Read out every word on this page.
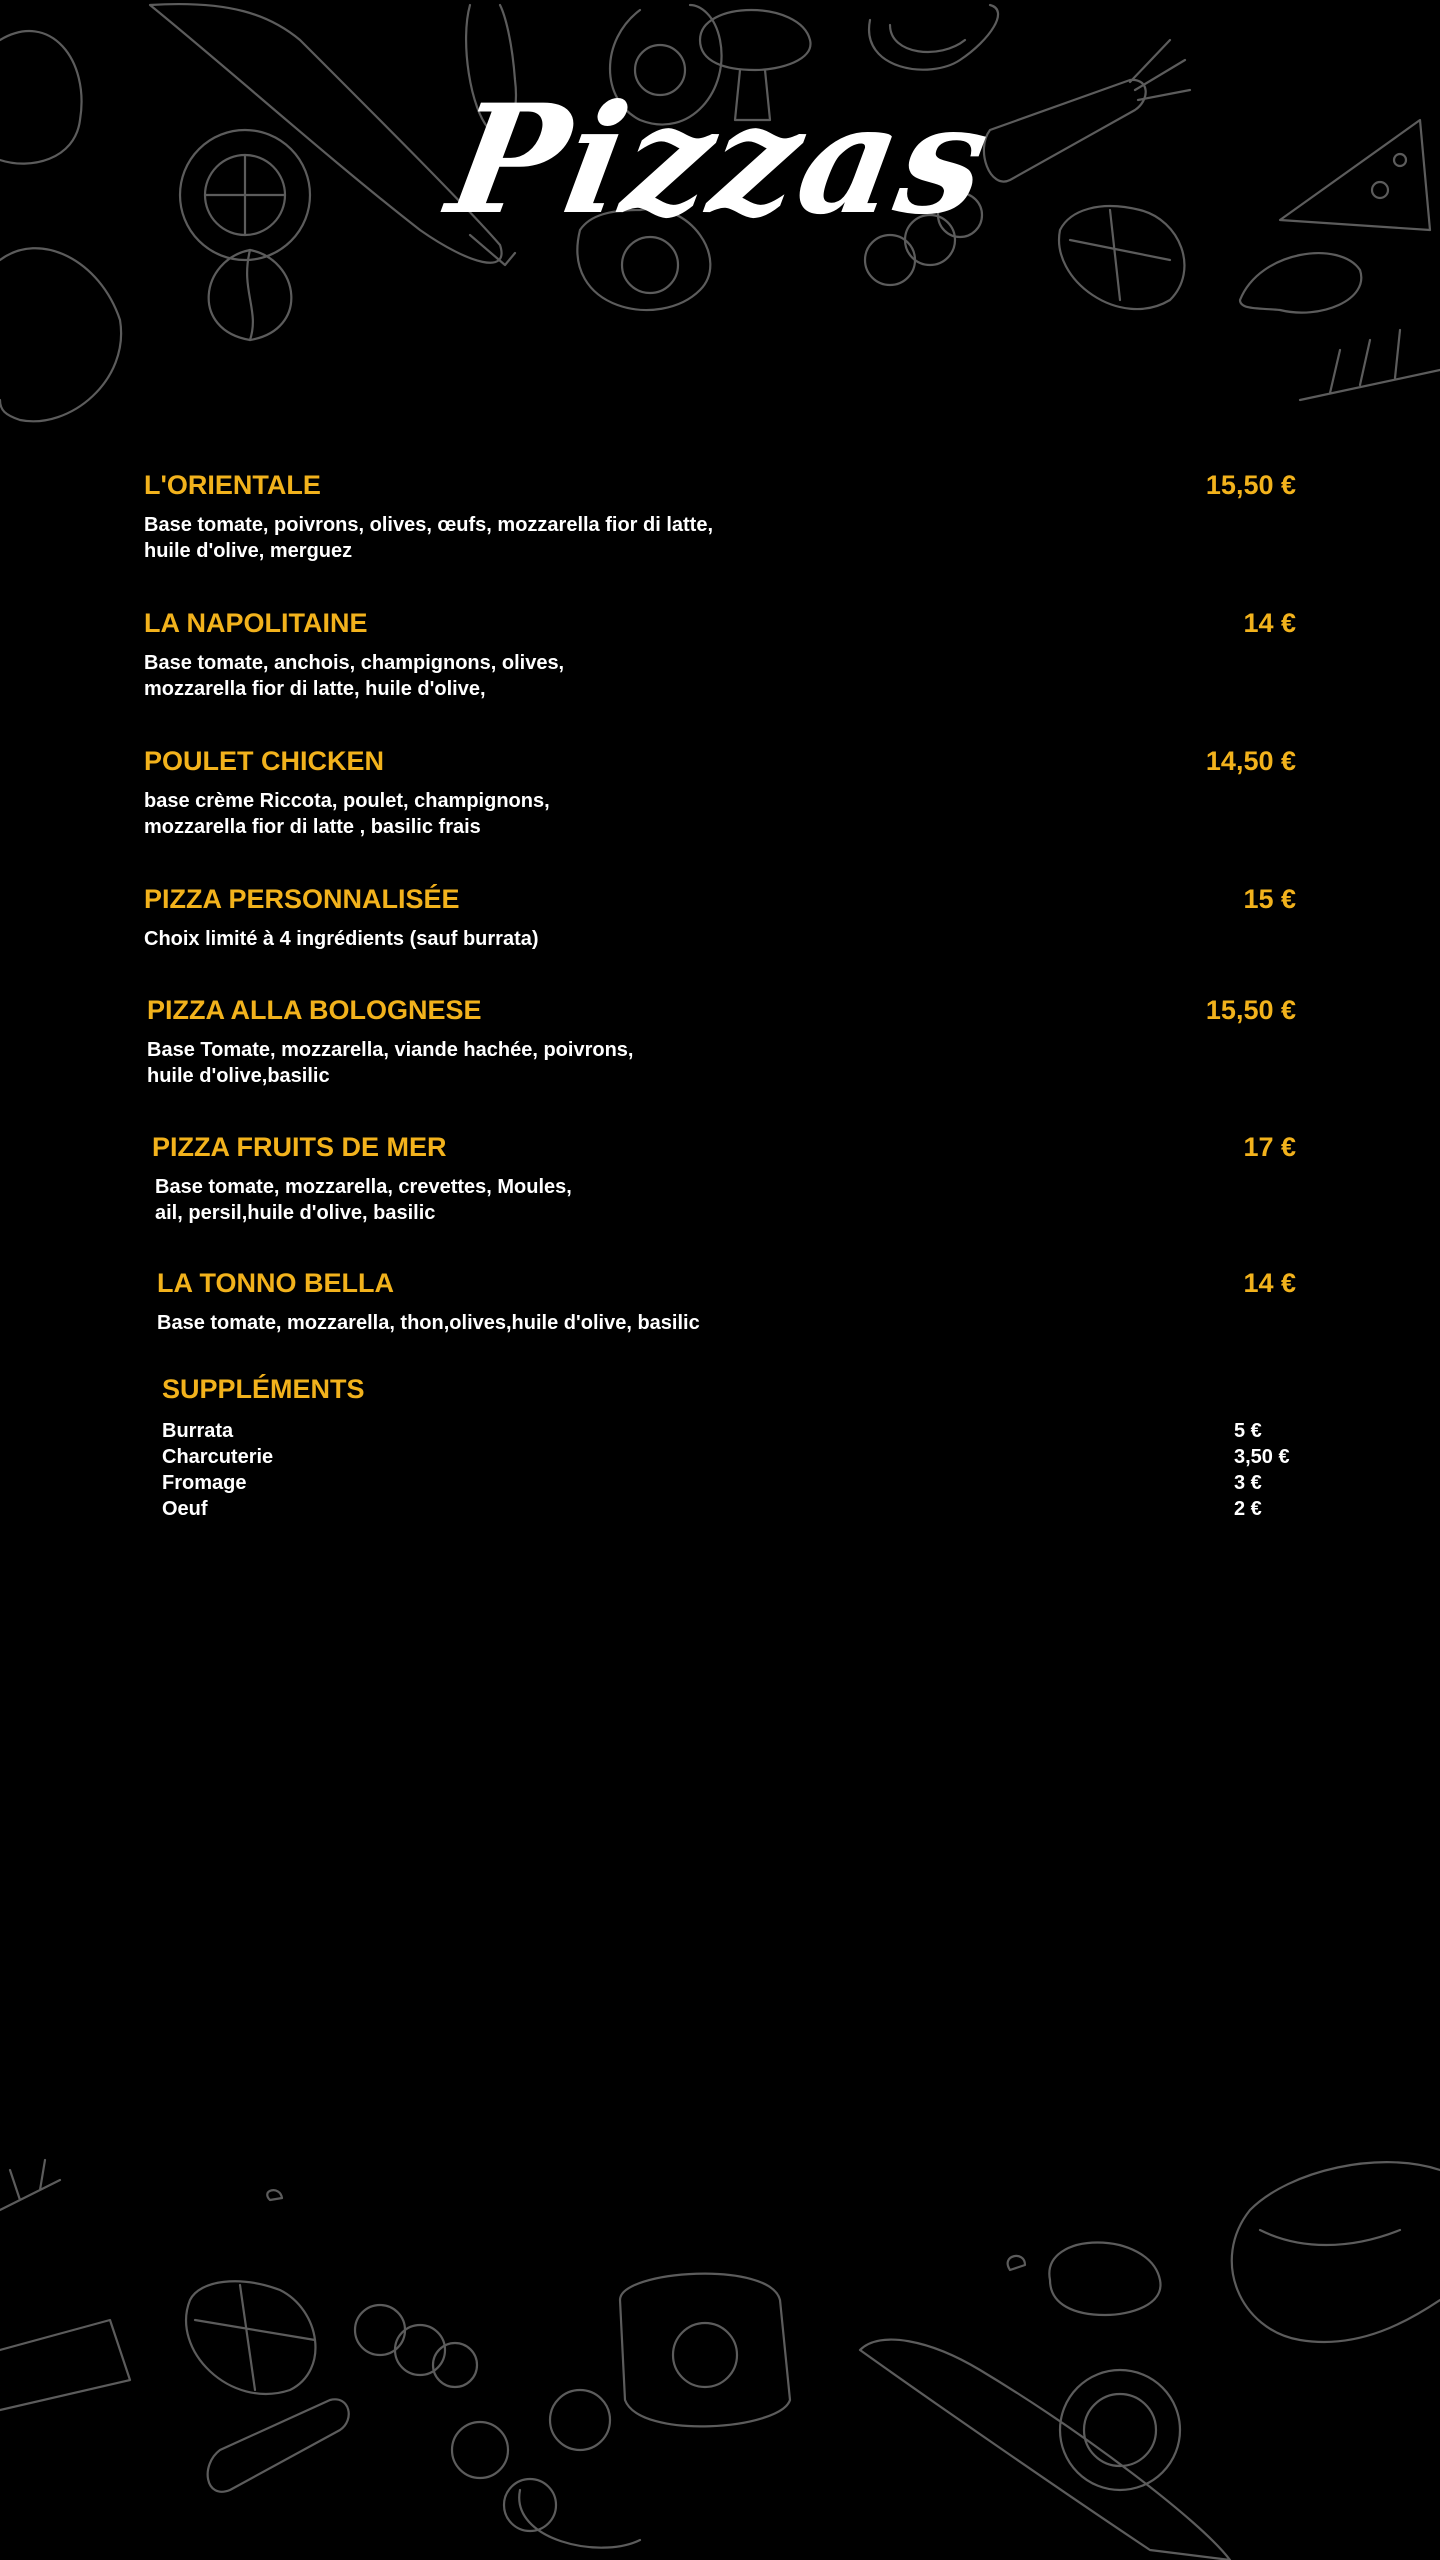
Pizzas
L'ORIENTALE	15,50 €
Base tomate, poivrons, olives, œufs, mozzarella fior di latte,
huile d'olive, merguez
LA NAPOLITAINE	14 €
Base tomate, anchois, champignons, olives,
mozzarella fior di latte, huile d'olive,
POULET CHICKEN	14,50 €
base crème Riccota, poulet, champignons,
mozzarella fior di latte , basilic frais
PIZZA PERSONNALISÉE	15 €
Choix limité à 4 ingrédients (sauf burrata)
PIZZA ALLA BOLOGNESE	15,50 €
Base Tomate, mozzarella, viande hachée, poivrons,
huile d'olive,basilic
PIZZA FRUITS DE MER	17 €
Base tomate, mozzarella, crevettes, Moules,
ail, persil,huile d'olive, basilic
LA TONNO BELLA	14 €
Base tomate, mozzarella, thon,olives,huile d'olive, basilic
SUPPLÉMENTS
Burrata	5 €
Charcuterie	3,50 €
Fromage	3 €
Oeuf	2 €
